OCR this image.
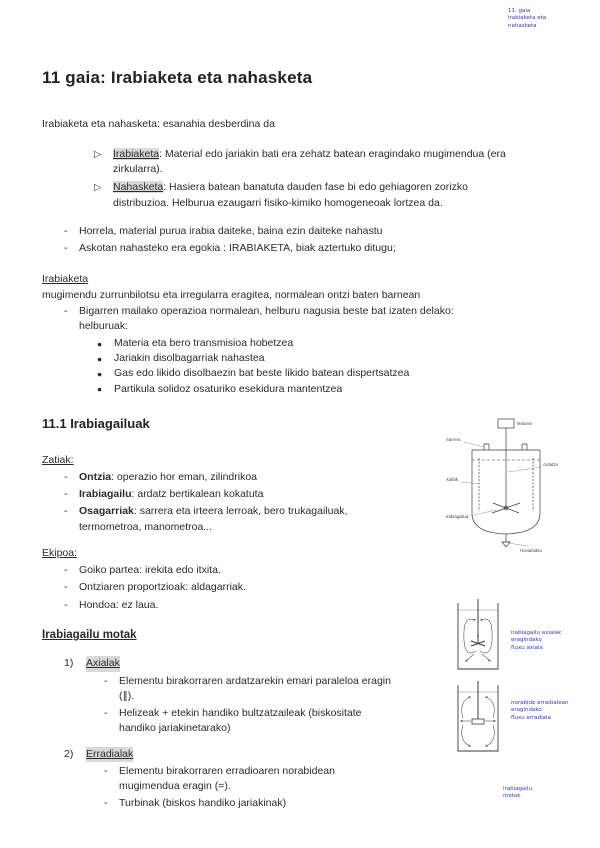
11. gaia
irabiaketa eta
nahasketa
11 gaia: Irabiaketa eta nahasketa

Irabiaketa eta nahasketa: esanahia desberdina da

▷	Irabiaketa: Material edo jariakin bati era zehatz batean eragindako mugimendua (era zirkularra).
▷	Nahasketa: Hasiera batean banatuta dauden fase bi edo gehiagoren zorizko distribuzioa. Helburua ezaugarri fisiko-kimiko homogeneoak lortzea da.
-	Horrela, material purua irabia daiteke, baina ezin daiteke nahastu
-	Askotan nahasteko era egokia : IRABIAKETA, biak aztertuko ditugu;
Irabiaketa
mugimendu zurrunbilotsu eta irregularra eragitea, normalean ontzi baten barnean
-	Bigarren mailako operazioa normalean, helburu nagusia beste bat izaten delako: helburuak:
●	Materia eta bero transmisioa hobetzea
●	Jariakin disolbagarriak nahastea
●	Gas edo likido disolbaezin bat beste likido batean dispertsatzea
●	Partikula solidoz osaturiko esekidura mantentzea
11.1 Irabiagailuak
Zatiak:
-	Ontzia: operazio hor eman, zilindrikoa
-	Irabiagailu: ardatz bertikalean kokatuta
-	Osagarriak: sarrera eta irteera lerroak, bero trukagailuak, termometroa, manometroa...
Ekipoa:
-	Goiko partea: irekita edo itxita.
-	Ontziaren proportzioak: aldagarriak.
-	Hondoa: ez laua.
Irabiagailu motak
1)	Axialak
-	Elementu birakorraren ardatzarekin emari paraleloa eragin (∥).
-	Helizeak + etekin handiko bultzatzaileak (biskositate handiko jariakinetarako)
2)	Erradialak
-	Elementu birakorraren erradioaren norabidean mugimendua eragin (=).
-	Turbinak (biskos handiko jariakinak)
Motorra
Sarrera
Xaflak
Ardatza
Irabiagailua
Hustubidea
irabiagailu axialak
eragindako
fluxu axiala
norabide erradialean
eragindako
fluxu erradiala
irabiagailu
motak
